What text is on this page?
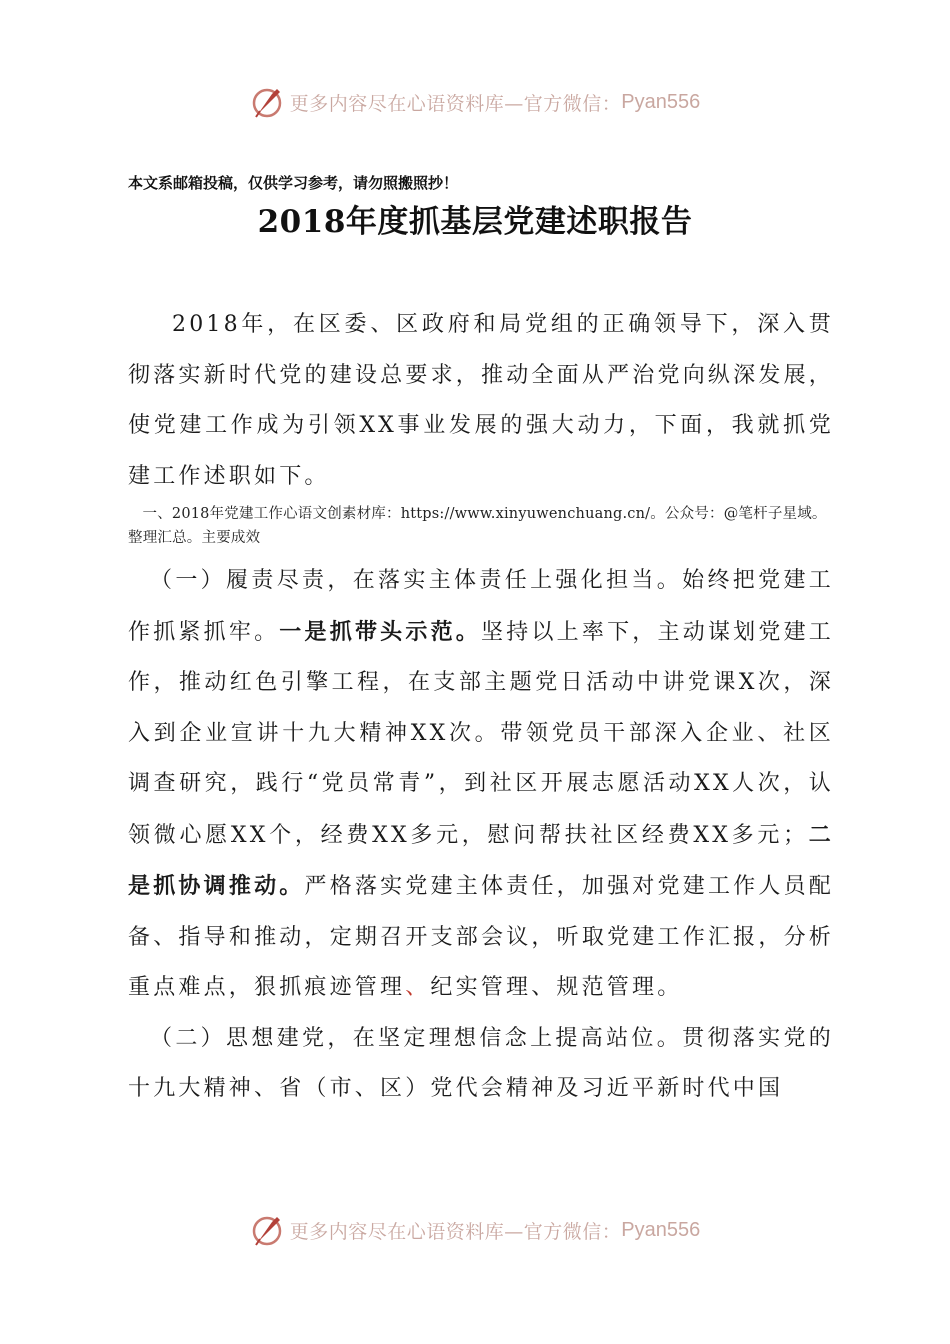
更多内容尽在心语资料库—官方微信： Pyan556
本文系邮箱投稿，仅供学习参考，请勿照搬照抄！
2018年度抓基层党建述职报告

2018年，在区委、区政府和局党组的正确领导下，深入贯彻落实新时代党的建设总要求，推动全面从严治党向纵深发展，使党建工作成为引领XX事业发展的强大动力，下面，我就抓党建工作述职如下。

一、2018年党建工作心语文创素材库：https://www.xinyuwenchuang.cn/。公众号：@笔杆子星域。整理汇总。主要成效

（一）履责尽责，在落实主体责任上强化担当。始终把党建工作抓紧抓牢。一是抓带头示范。坚持以上率下，主动谋划党建工作，推动红色引擎工程，在支部主题党日活动中讲党课X次，深入到企业宣讲十九大精神XX次。带领党员干部深入企业、社区调查研究，践行“党员常青”，到社区开展志愿活动XX人次，认领微心愿XX个，经费XX多元，慰问帮扶社区经费XX多元；二是抓协调推动。严格落实党建主体责任，加强对党建工作人员配备、指导和推动，定期召开支部会议，听取党建工作汇报，分析重点难点，狠抓痕迹管理、纪实管理、规范管理。

（二）思想建党，在坚定理想信念上提高站位。贯彻落实党的十九大精神、省（市、区）党代会精神及习近平新时代中国

更多内容尽在心语资料库—官方微信： Pyan556
